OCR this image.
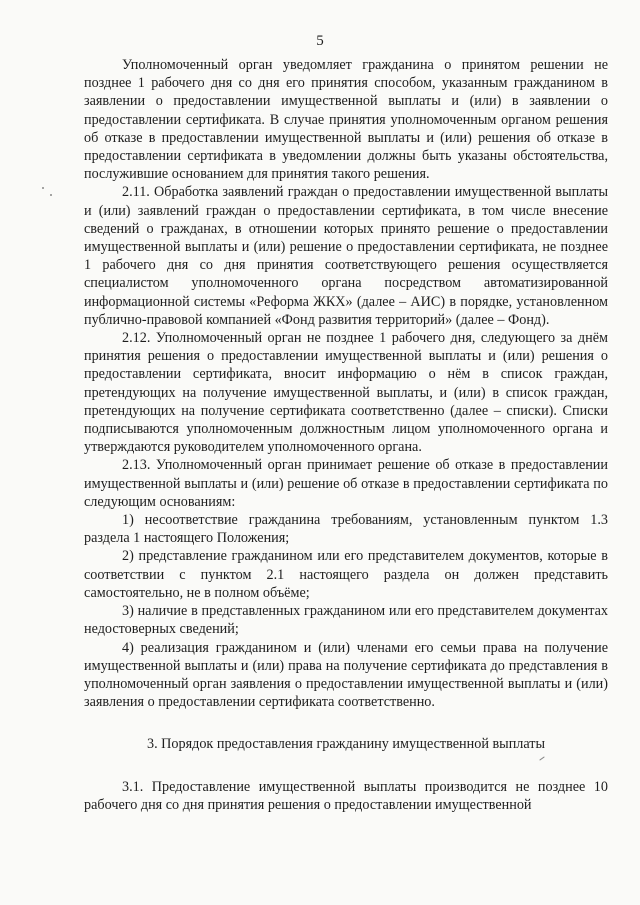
5

Уполномоченный орган уведомляет гражданина о принятом решении не позднее 1 рабочего дня со дня его принятия способом, указанным гражданином в заявлении о предоставлении имущественной выплаты и (или) в заявлении о предоставлении сертификата. В случае принятия уполномоченным органом решения об отказе в предоставлении имущественной выплаты и (или) решения об отказе в предоставлении сертификата в уведомлении должны быть указаны обстоятельства, послужившие основанием для принятия такого решения.

2.11. Обработка заявлений граждан о предоставлении имущественной выплаты и (или) заявлений граждан о предоставлении сертификата, в том числе внесение сведений о гражданах, в отношении которых принято решение о предоставлении имущественной выплаты и (или) решение о предоставлении сертификата, не позднее 1 рабочего дня со дня принятия соответствующего решения осуществляется специалистом уполномоченного органа посредством автоматизированной информационной системы «Реформа ЖКХ» (далее – АИС) в порядке, установленном публично-правовой компанией «Фонд развития территорий» (далее – Фонд).

2.12. Уполномоченный орган не позднее 1 рабочего дня, следующего за днём принятия решения о предоставлении имущественной выплаты и (или) решения о предоставлении сертификата, вносит информацию о нём в список граждан, претендующих на получение имущественной выплаты, и (или) в список граждан, претендующих на получение сертификата соответственно (далее – списки). Списки подписываются уполномоченным должностным лицом уполномоченного органа и утверждаются руководителем уполномоченного органа.

2.13. Уполномоченный орган принимает решение об отказе в предоставлении имущественной выплаты и (или) решение об отказе в предоставлении сертификата по следующим основаниям:

1) несоответствие гражданина требованиям, установленным пунктом 1.3 раздела 1 настоящего Положения;

2) представление гражданином или его представителем документов, которые в соответствии с пунктом 2.1 настоящего раздела он должен представить самостоятельно, не в полном объёме;

3) наличие в представленных гражданином или его представителем документах недостоверных сведений;

4) реализация гражданином и (или) членами его семьи права на получение имущественной выплаты и (или) права на получение сертификата до представления в уполномоченный орган заявления о предоставлении имущественной выплаты и (или) заявления о предоставлении сертификата соответственно.

3. Порядок предоставления гражданину имущественной выплаты

3.1. Предоставление имущественной выплаты производится не позднее 10 рабочего дня со дня принятия решения о предоставлении имущественной
